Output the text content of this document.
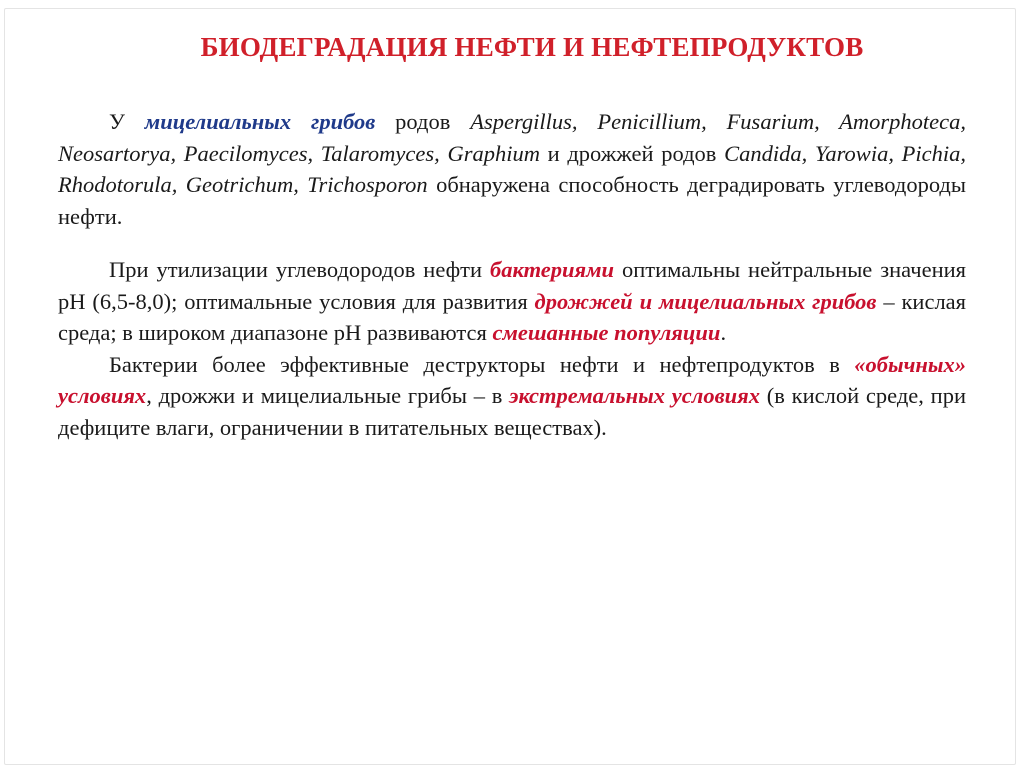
БИОДЕГРАДАЦИЯ НЕФТИ И НЕФТЕПРОДУКТОВ

У мицелиальных грибов родов Aspergillus, Penicillium, Fusarium, Amorphoteca, Neosartorya, Paecilomyces, Talaromyces, Graphium и дрожжей родов Candida, Yarowia, Pichia, Rhodotorula, Geotrichum, Trichosporon обнаружена способность деградировать углеводороды нефти.

При утилизации углеводородов нефти бактериями оптимальны нейтральные значения рН (6,5-8,0); оптимальные условия для развития дрожжей и мицелиальных грибов – кислая среда; в широком диапазоне рН развиваются смешанные популяции.

Бактерии более эффективные деструкторы нефти и нефтепродуктов в «обычных» условиях, дрожжи и мицелиальные грибы – в экстремальных условиях (в кислой среде, при дефиците влаги, ограничении в питательных веществах).
